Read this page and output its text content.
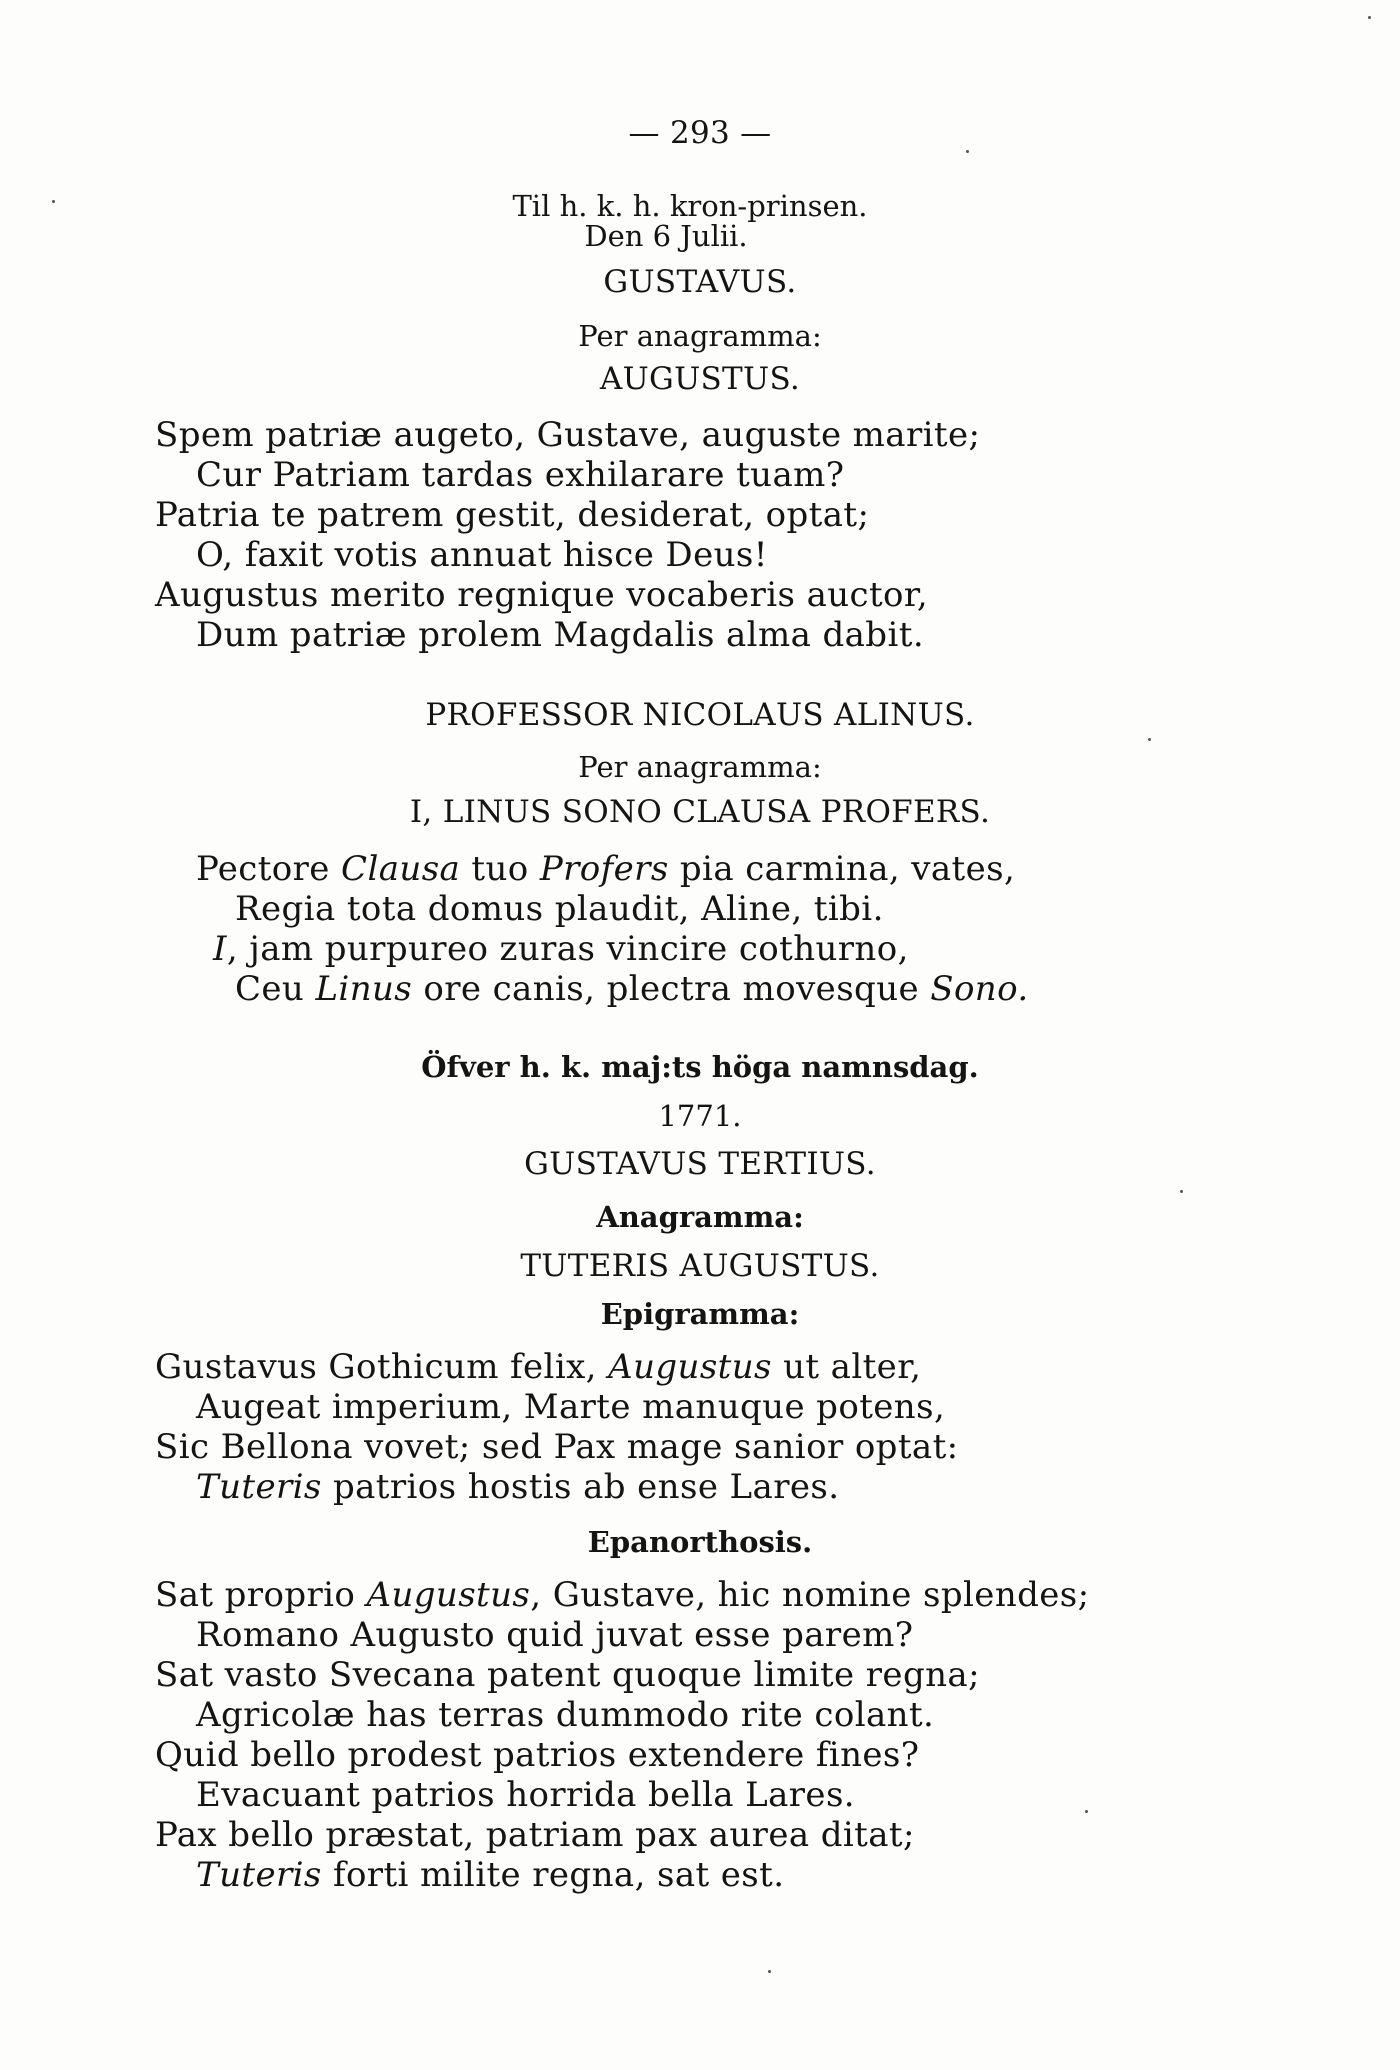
— 293 —
Til h. k. h. kron-prinsen.
Den 6 Julii.
GUSTAVUS.
Per anagramma:
AUGUSTUS.
Spem patriæ augeto, Gustave, auguste marite;
Cur Patriam tardas exhilarare tuam?
Patria te patrem gestit, desiderat, optat;
O, faxit votis annuat hisce Deus!
Augustus merito regnique vocaberis auctor,
Dum patriæ prolem Magdalis alma dabit.
PROFESSOR NICOLAUS ALINUS.
Per anagramma:
I, LINUS SONO CLAUSA PROFERS.
Pectore Clausa tuo Profers pia carmina, vates,
Regia tota domus plaudit, Aline, tibi.
I, jam purpureo zuras vincire cothurno,
Ceu Linus ore canis, plectra movesque Sono.
Öfver h. k. maj:ts höga namnsdag.
1771.
GUSTAVUS TERTIUS.
Anagramma:
TUTERIS AUGUSTUS.
Epigramma:
Gustavus Gothicum felix, Augustus ut alter,
Augeat imperium, Marte manuque potens,
Sic Bellona vovet; sed Pax mage sanior optat:
Tuteris patrios hostis ab ense Lares.
Epanorthosis.
Sat proprio Augustus, Gustave, hic nomine splendes;
Romano Augusto quid juvat esse parem?
Sat vasto Svecana patent quoque limite regna;
Agricolæ has terras dummodo rite colant.
Quid bello prodest patrios extendere fines?
Evacuant patrios horrida bella Lares.
Pax bello præstat, patriam pax aurea ditat;
Tuteris forti milite regna, sat est.
